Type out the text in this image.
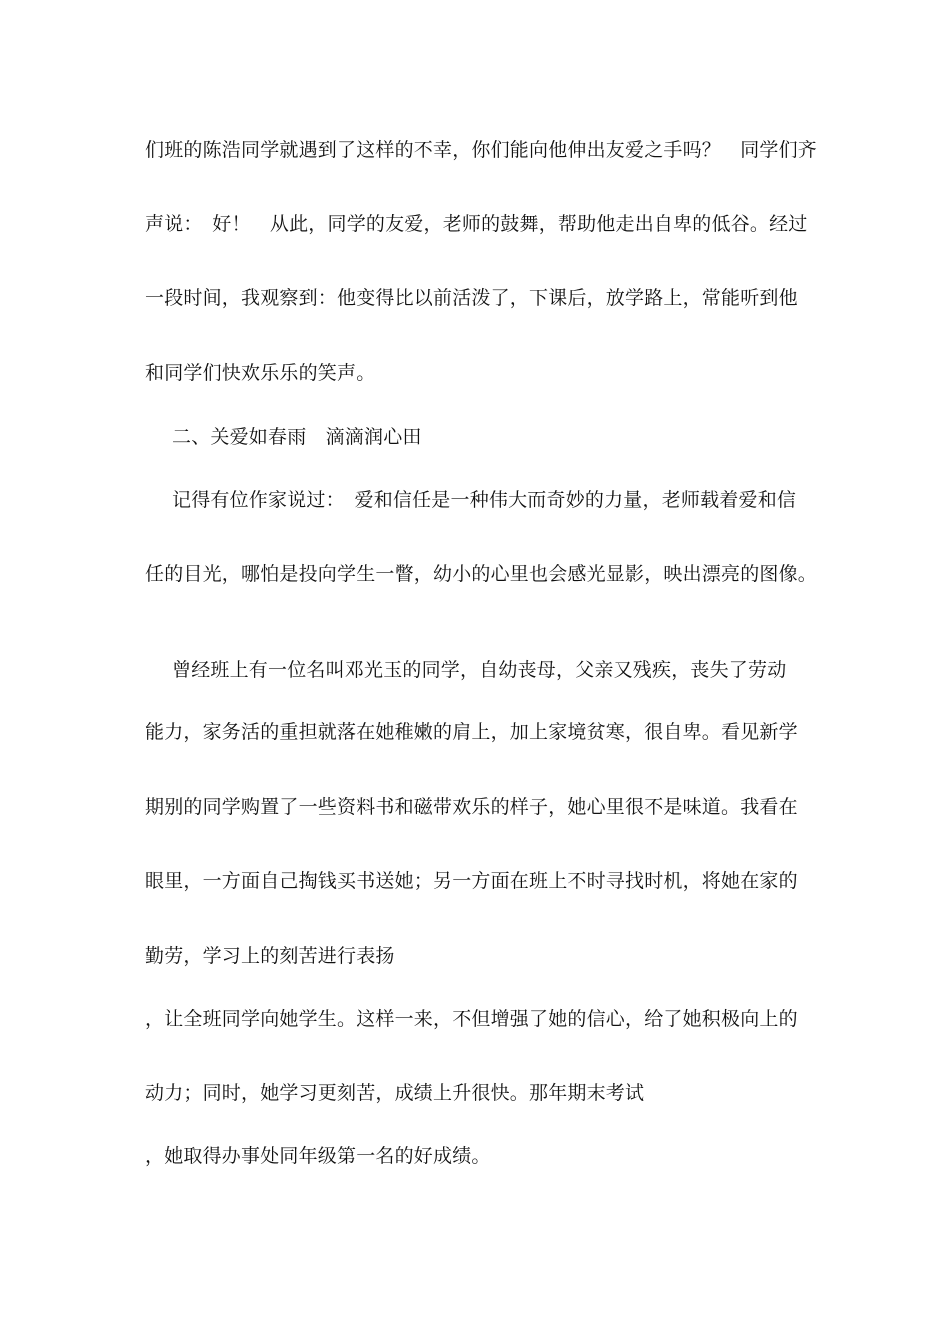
们班的陈浩同学就遇到了这样的不幸，你们能向他伸出友爱之手吗？　同学们齐
声说：　好！　从此，同学的友爱，老师的鼓舞，帮助他走出自卑的低谷。经过
一段时间，我观察到：他变得比以前活泼了，下课后，放学路上，常能听到他
和同学们快欢乐乐的笑声。
二、关爱如春雨　滴滴润心田
记得有位作家说过：　爱和信任是一种伟大而奇妙的力量，老师载着爱和信
任的目光，哪怕是投向学生一瞥，幼小的心里也会感光显影，映出漂亮的图像。
曾经班上有一位名叫邓光玉的同学，自幼丧母，父亲又残疾，丧失了劳动
能力，家务活的重担就落在她稚嫩的肩上，加上家境贫寒，很自卑。看见新学
期别的同学购置了一些资料书和磁带欢乐的样子，她心里很不是味道。我看在
眼里，一方面自己掏钱买书送她；另一方面在班上不时寻找时机，将她在家的
勤劳，学习上的刻苦进行表扬
，让全班同学向她学生。这样一来，不但增强了她的信心，给了她积极向上的
动力；同时，她学习更刻苦，成绩上升很快。那年期末考试
，她取得办事处同年级第一名的好成绩。
